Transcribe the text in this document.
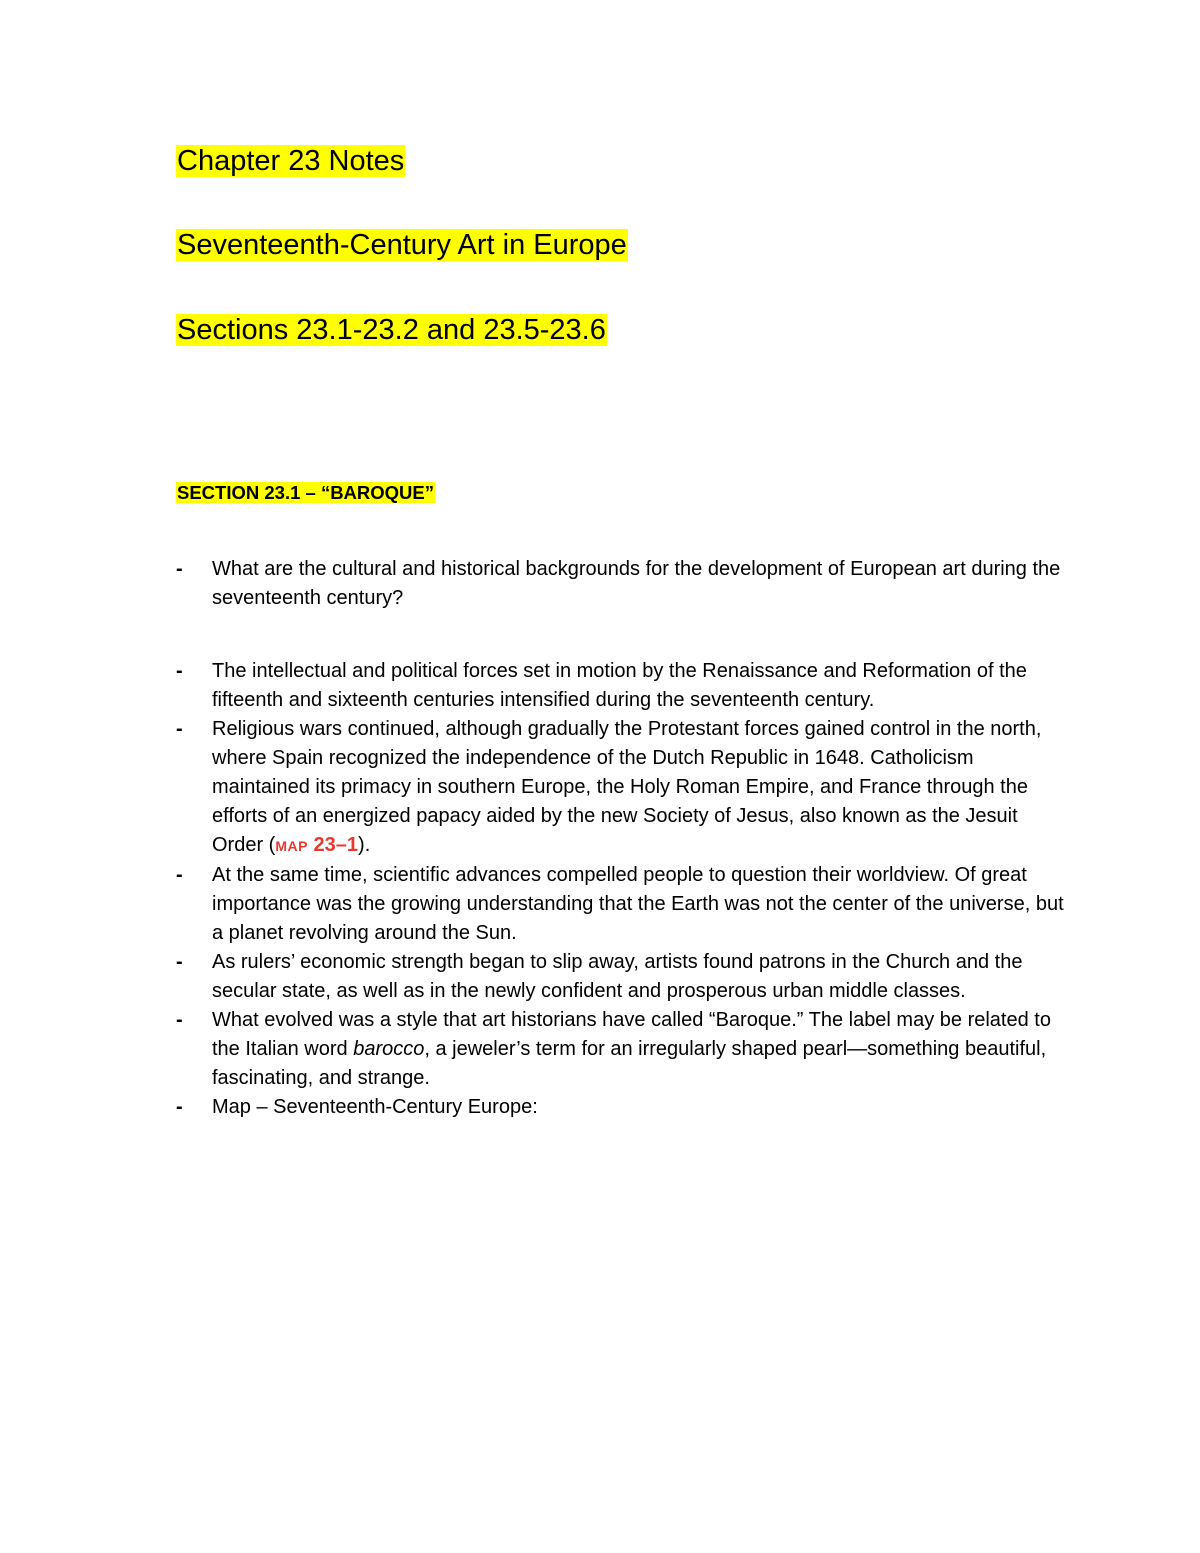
Chapter 23 Notes
Seventeenth-Century Art in Europe
Sections 23.1-23.2 and 23.5-23.6
SECTION 23.1 – “BAROQUE”
- What are the cultural and historical backgrounds for the development of European art during the seventeenth century?
- The intellectual and political forces set in motion by the Renaissance and Reformation of the fifteenth and sixteenth centuries intensified during the seventeenth century.
- Religious wars continued, although gradually the Protestant forces gained control in the north, where Spain recognized the independence of the Dutch Republic in 1648. Catholicism maintained its primacy in southern Europe, the Holy Roman Empire, and France through the efforts of an energized papacy aided by the new Society of Jesus, also known as the Jesuit Order (MAP 23–1).
- At the same time, scientific advances compelled people to question their worldview. Of great importance was the growing understanding that the Earth was not the center of the universe, but a planet revolving around the Sun.
- As rulers’ economic strength began to slip away, artists found patrons in the Church and the secular state, as well as in the newly confident and prosperous urban middle classes.
- What evolved was a style that art historians have called “Baroque.” The label may be related to the Italian word barocco, a jeweler’s term for an irregularly shaped pearl—something beautiful, fascinating, and strange.
- Map – Seventeenth-Century Europe:
